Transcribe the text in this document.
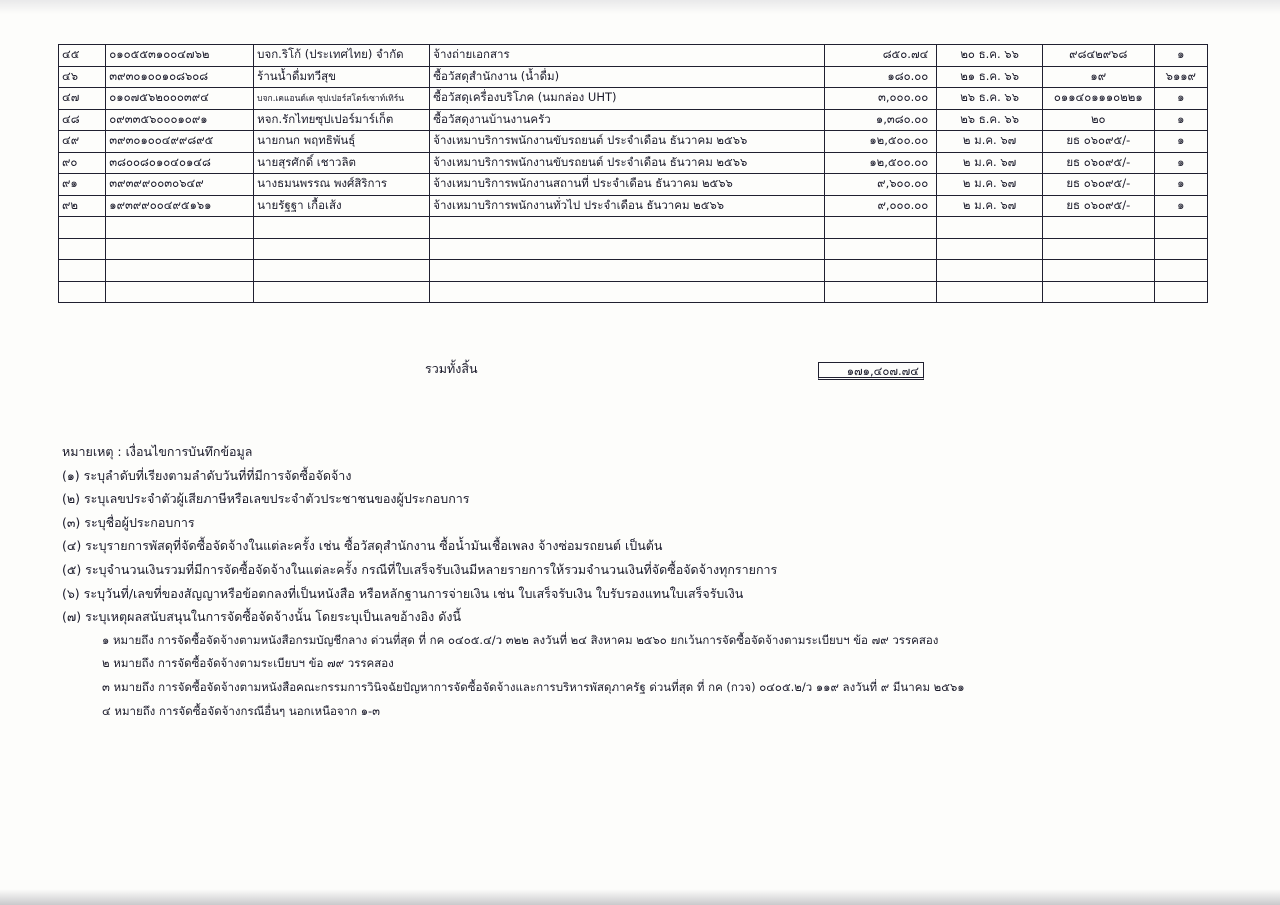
๔๕	๐๑๐๕๕๓๑๐๐๔๗๖๒	บจก.ริโก้ (ประเทศไทย) จำกัด	จ้างถ่ายเอกสาร	๘๕๐.๗๔	๒๐ ธ.ค. ๖๖	๙๘๔๒๙๖๘	๑
๔๖	๓๙๓๐๑๐๐๑๐๘๖๐๘	ร้านน้ำดื่มทวีสุข	ซื้อวัสดุสำนักงาน (น้ำดื่ม)	๑๘๐.๐๐	๒๑ ธ.ค. ๖๖	๑๙	๖๑๑๙
๔๗	๐๑๐๗๕๖๒๐๐๐๓๙๔	บจก.เคแอนด์เค ซุปเปอร์สโตร์เซาท์เทิร์น	ซื้อวัสดุเครื่องบริโภค (นมกล่อง UHT)	๓,๐๐๐.๐๐	๒๖ ธ.ค. ๖๖	๐๑๑๔๐๑๑๑๐๒๒๑	๑
๔๘	๐๙๓๓๕๖๐๐๐๑๐๙๑	หจก.รักไทยซุปเปอร์มาร์เก็ต	ซื้อวัสดุงานบ้านงานครัว	๑,๓๘๐.๐๐	๒๖ ธ.ค. ๖๖	๒๐	๑
๔๙	๓๙๓๐๑๐๐๔๙๙๘๙๕	นายกนก พฤทธิพันธุ์	จ้างเหมาบริการพนักงานขับรถยนต์ ประจำเดือน ธันวาคม ๒๕๖๖	๑๒,๕๐๐.๐๐	๒ ม.ค. ๖๗	ยธ ๐๖๐๙๕/-	๑
๙๐	๓๘๐๐๘๐๑๐๔๐๑๔๘	นายสุรศักดิ์ เชาวลิต	จ้างเหมาบริการพนักงานขับรถยนต์ ประจำเดือน ธันวาคม ๒๕๖๖	๑๒,๕๐๐.๐๐	๒ ม.ค. ๖๗	ยธ ๐๖๐๙๕/-	๑
๙๑	๓๙๓๙๙๐๐๓๐๖๔๙	นางธมนพรรณ พงศ์สิริการ	จ้างเหมาบริการพนักงานสถานที่ ประจำเดือน ธันวาคม ๒๕๖๖	๙,๖๐๐.๐๐	๒ ม.ค. ๖๗	ยธ ๐๖๐๙๕/-	๑
๙๒	๑๙๓๙๙๐๐๔๙๕๑๖๑	นายรัฐฐา เกื้อเส้ง	จ้างเหมาบริการพนักงานทั่วไป ประจำเดือน ธันวาคม ๒๕๖๖	๙,๐๐๐.๐๐	๒ ม.ค. ๖๗	ยธ ๐๖๐๙๕/-	๑

รวมทั้งสิ้น	๑๗๑,๔๐๗.๗๔
หมายเหตุ : เงื่อนไขการบันทึกข้อมูล
(๑) ระบุลำดับที่เรียงตามลำดับวันที่ที่มีการจัดซื้อจัดจ้าง
(๒) ระบุเลขประจำตัวผู้เสียภาษีหรือเลขประจำตัวประชาชนของผู้ประกอบการ
(๓) ระบุชื่อผู้ประกอบการ
(๔) ระบุรายการพัสดุที่จัดซื้อจัดจ้างในแต่ละครั้ง เช่น ซื้อวัสดุสำนักงาน ซื้อน้ำมันเชื้อเพลง จ้างซ่อมรถยนต์ เป็นต้น
(๕) ระบุจำนวนเงินรวมที่มีการจัดซื้อจัดจ้างในแต่ละครั้ง กรณีที่ใบเสร็จรับเงินมีหลายรายการให้รวมจำนวนเงินที่จัดซื้อจัดจ้างทุกรายการ
(๖) ระบุวันที่/เลขที่ของสัญญาหรือข้อตกลงที่เป็นหนังสือ หรือหลักฐานการจ่ายเงิน เช่น ใบเสร็จรับเงิน ใบรับรองแทนใบเสร็จรับเงิน
(๗) ระบุเหตุผลสนับสนุนในการจัดซื้อจัดจ้างนั้น โดยระบุเป็นเลขอ้างอิง ดังนี้
๑ หมายถึง การจัดซื้อจัดจ้างตามหนังสือกรมบัญชีกลาง ด่วนที่สุด ที่ กค ๐๔๐๕.๔/ว ๓๒๒ ลงวันที่ ๒๔ สิงหาคม ๒๕๖๐ ยกเว้นการจัดซื้อจัดจ้างตามระเบียบฯ ข้อ ๗๙ วรรคสอง
๒ หมายถึง การจัดซื้อจัดจ้างตามระเบียบฯ ข้อ ๗๙ วรรคสอง
๓ หมายถึง การจัดซื้อจัดจ้างตามหนังสือคณะกรรมการวินิจฉัยปัญหาการจัดซื้อจัดจ้างและการบริหารพัสดุภาครัฐ ด่วนที่สุด ที่ กค (กวจ) ๐๔๐๕.๒/ว ๑๑๙ ลงวันที่ ๙ มีนาคม ๒๕๖๑
๔ หมายถึง การจัดซื้อจัดจ้างกรณีอื่นๆ นอกเหนือจาก ๑-๓
